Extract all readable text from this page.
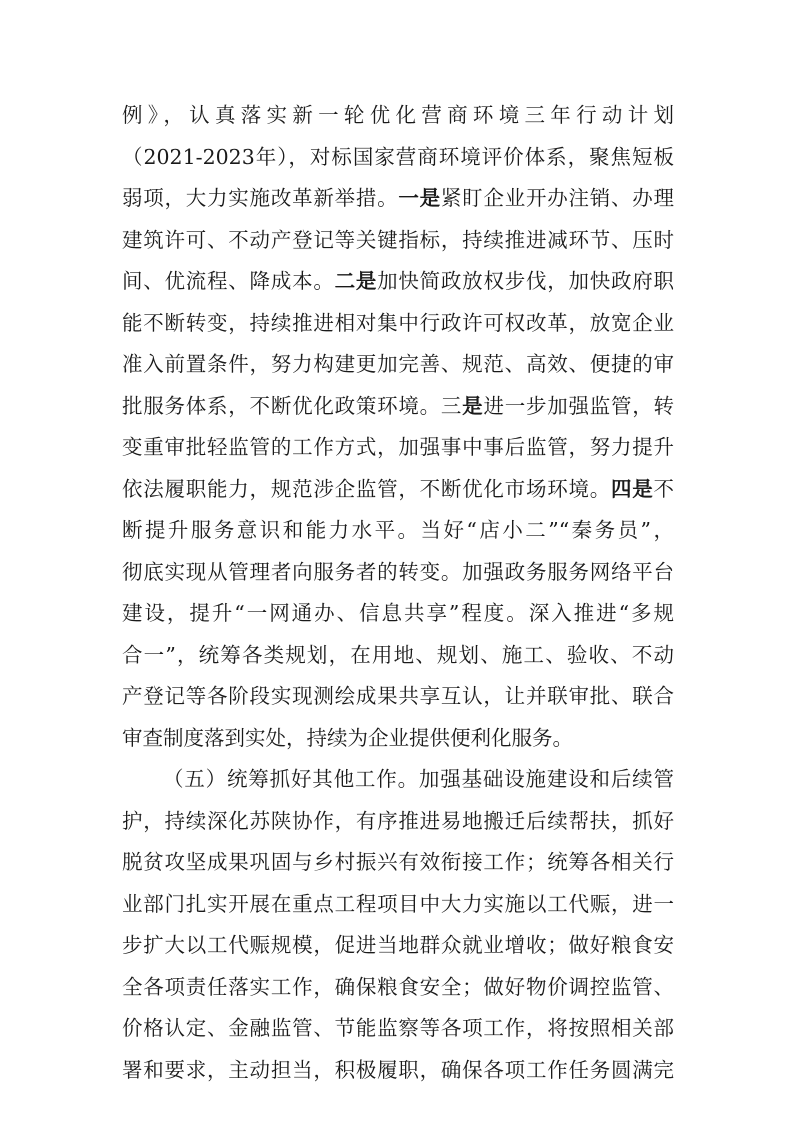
例》，认真落实新一轮优化营商环境三年行动计划
（2021-2023年），对标国家营商环境评价体系，聚焦短板
弱项，大力实施改革新举措。一是紧盯企业开办注销、办理
建筑许可、不动产登记等关键指标，持续推进减环节、压时
间、优流程、降成本。二是加快简政放权步伐，加快政府职
能不断转变，持续推进相对集中行政许可权改革，放宽企业
准入前置条件，努力构建更加完善、规范、高效、便捷的审
批服务体系，不断优化政策环境。三是进一步加强监管，转
变重审批轻监管的工作方式，加强事中事后监管，努力提升
依法履职能力，规范涉企监管，不断优化市场环境。四是不
断提升服务意识和能力水平。当好“店小二”“秦务员”，
彻底实现从管理者向服务者的转变。加强政务服务网络平台
建设，提升“一网通办、信息共享”程度。深入推进“多规
合一”，统筹各类规划，在用地、规划、施工、验收、不动
产登记等各阶段实现测绘成果共享互认，让并联审批、联合
审查制度落到实处，持续为企业提供便利化服务。
（五）统筹抓好其他工作。加强基础设施建设和后续管
护，持续深化苏陕协作，有序推进易地搬迁后续帮扶，抓好
脱贫攻坚成果巩固与乡村振兴有效衔接工作；统筹各相关行
业部门扎实开展在重点工程项目中大力实施以工代赈，进一
步扩大以工代赈规模，促进当地群众就业增收；做好粮食安
全各项责任落实工作，确保粮食安全；做好物价调控监管、
价格认定、金融监管、节能监察等各项工作，将按照相关部
署和要求，主动担当，积极履职，确保各项工作任务圆满完
